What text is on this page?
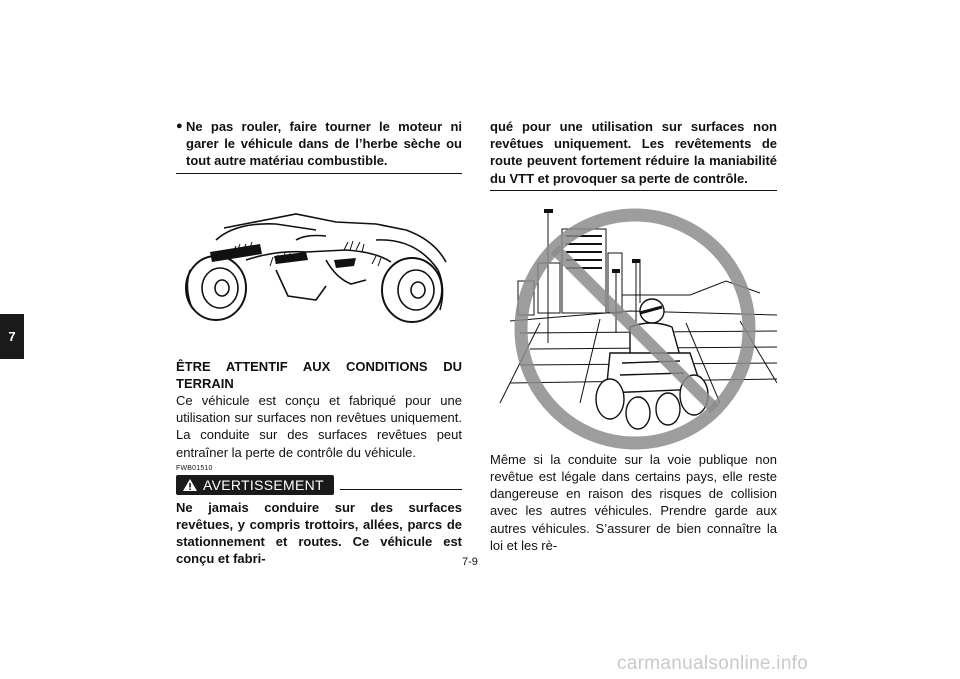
7
● Ne pas rouler, faire tourner le moteur ni garer le véhicule dans de l’herbe sèche ou tout autre matériau combustible.
ÊTRE ATTENTIF AUX CONDITIONS DU TERRAIN
Ce véhicule est conçu et fabriqué pour une utilisation sur surfaces non revêtues uniquement. La conduite sur des surfaces revêtues peut entraîner la perte de contrôle du véhicule.
FWB01510
AVERTISSEMENT
Ne jamais conduire sur des surfaces revêtues, y compris trottoirs, allées, parcs de stationnement et routes. Ce véhicule est conçu et fabri-
qué pour une utilisation sur surfaces non revêtues uniquement. Les revêtements de route peuvent fortement réduire la maniabilité du VTT et provoquer sa perte de contrôle.
Même si la conduite sur la voie publique non revêtue est légale dans certains pays, elle reste dangereuse en raison des risques de collision avec les autres véhicules. Prendre garde aux autres véhicules. S’assurer de bien connaître la loi et les rè-
7-9
carmanualsonline.info
